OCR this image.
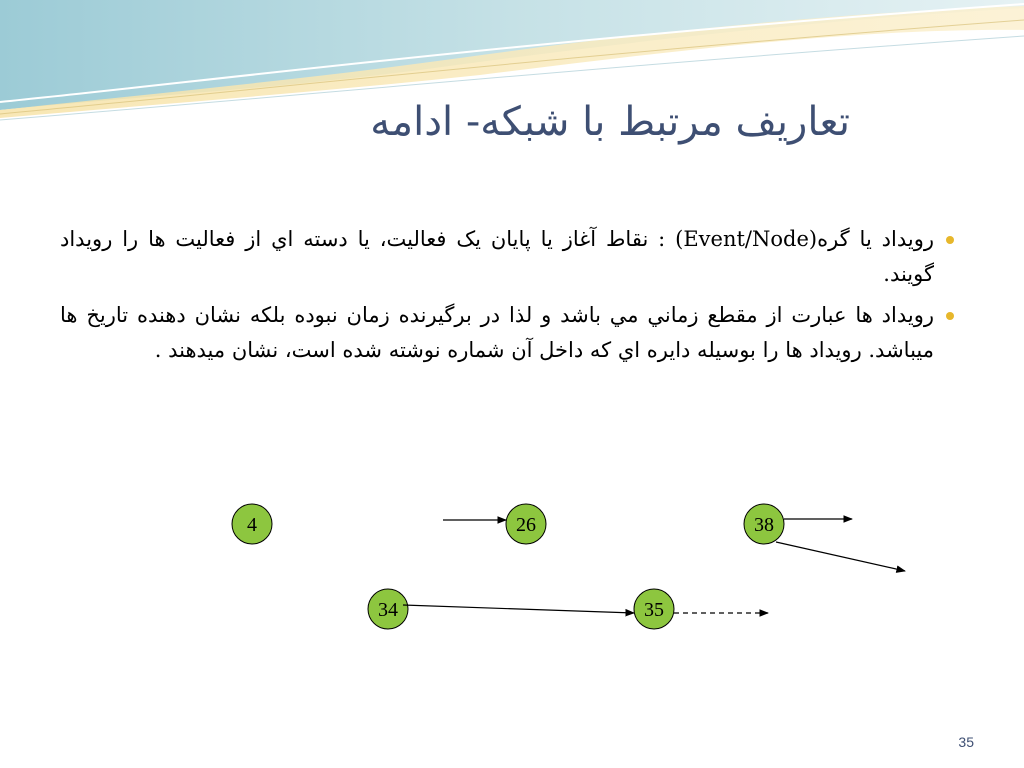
تعاريف مرتبط با شبکه- ادامه
رويداد يا گره(Event/Node) : نقاط آغاز يا پايان يک فعاليت، يا دسته اي از فعاليت ها را رويداد گويند.
رويداد ها عبارت از مقطع زماني مي باشد و لذا در برگيرنده زمان نبوده بلکه نشان دهنده تاريخ ها ميباشد. رويداد ها را بوسيله دايره اي که داخل آن شماره نوشته شده است، نشان ميدهند .
4	26	38
34	35
35
